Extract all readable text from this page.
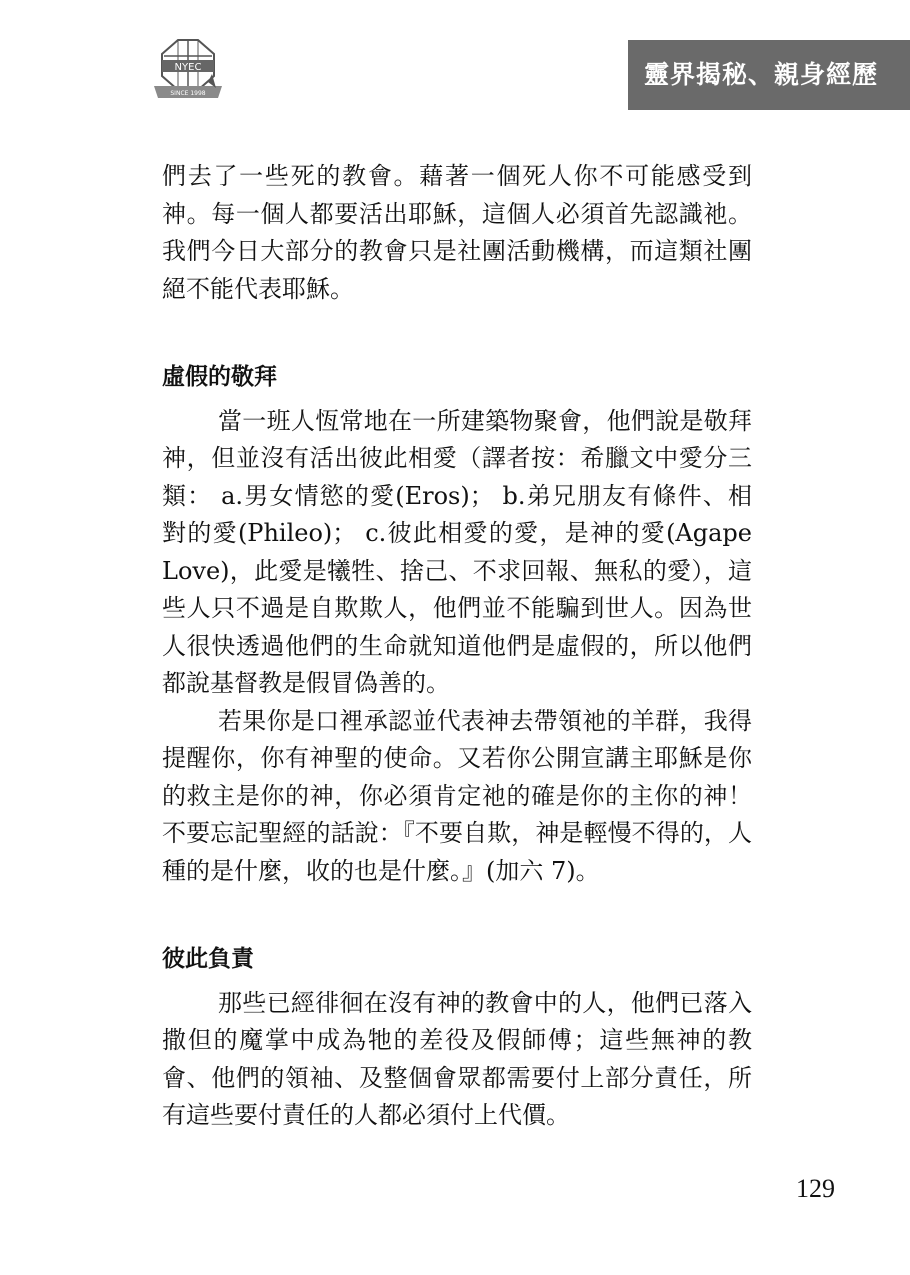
NYEC
SINCE 1998
靈界揭秘、親身經歷

們去了一些死的教會。藉著一個死人你不可能感受到神。每一個人都要活出耶穌，這個人必須首先認識祂。我們今日大部分的教會只是社團活動機構，而這類社團絕不能代表耶穌。

虛假的敬拜

當一班人恆常地在一所建築物聚會，他們說是敬拜神，但並沒有活出彼此相愛（譯者按：希臘文中愛分三類： a.男女情慾的愛(Eros)； b.弟兄朋友有條件、相對的愛(Phileo)； c.彼此相愛的愛，是神的愛(Agape Love)，此愛是犧牲、捨己、不求回報、無私的愛），這些人只不過是自欺欺人，他們並不能騙到世人。因為世人很快透過他們的生命就知道他們是虛假的，所以他們都說基督教是假冒偽善的。

若果你是口裡承認並代表神去帶領祂的羊群，我得提醒你，你有神聖的使命。又若你公開宣講主耶穌是你的救主是你的神，你必須肯定祂的確是你的主你的神！不要忘記聖經的話說：『不要自欺，神是輕慢不得的，人種的是什麼，收的也是什麼。』(加六 7)。

彼此負責

那些已經徘徊在沒有神的教會中的人，他們已落入撒但的魔掌中成為牠的差役及假師傅；這些無神的教會、他們的領袖、及整個會眾都需要付上部分責任，所有這些要付責任的人都必須付上代價。

129
